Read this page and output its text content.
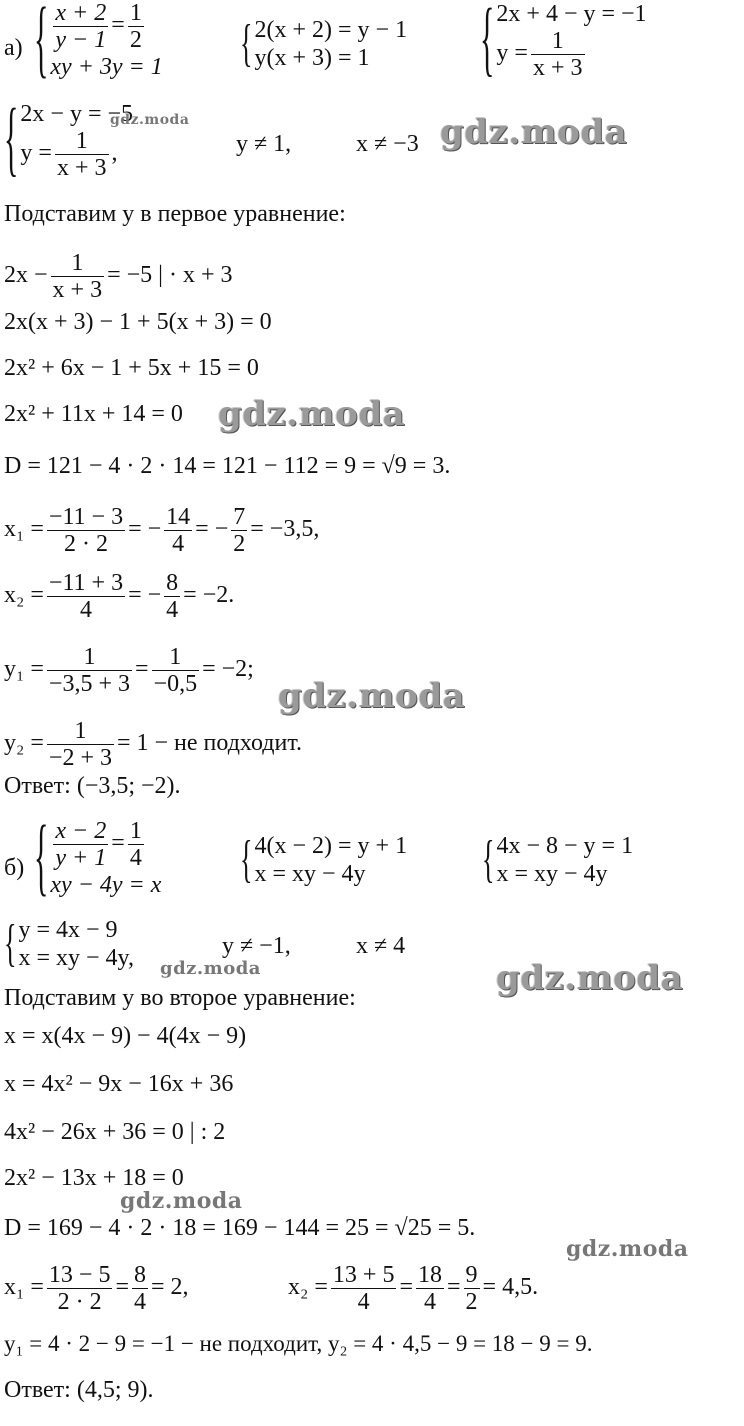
а) { $\frac{x + 2}{y - 1} = \frac{1}{2}$
xy + 3y = 1	{ 2(x + 2) = y − 1
y(x + 3) = 1	{ 2x + 4 − y = −1
$y = \frac{1}{x + 3}$
{ 2x − y = −5
$y = \frac{1}{x + 3}$ ,	y ≠ 1,	x ≠ −3
Подставим y в первое уравнение:
$2x - \frac{1}{x + 3} = -5$ | · x + 3
2x(x + 3) − 1 + 5(x + 3) = 0
2x² + 6x − 1 + 5x + 15 = 0
2x² + 11x + 14 = 0
D = 121 − 4 · 2 · 14 = 121 − 112 = 9 = √9 = 3.
$x_1 = \frac{-11 - 3}{2 \cdot 2}$ = − $\frac{14}{4}$ = − $\frac{7}{2} = -3,5$,
$x_2 = \frac{-11 + 3}{4}$ = − $\frac{8}{4} = -2$.
$y_1 = \frac{1}{-3,5 + 3} = \frac{1}{-0,5} = -2$;
$y_2 = \frac{1}{-2 + 3} = 1$ − не подходит.
Ответ: (−3,5; −2).
б) { $\frac{x - 2}{y + 1} = \frac{1}{4}$
xy − 4y = x	{ 4(x − 2) = y + 1
x = xy − 4y	{ 4x − 8 − y = 1
x = xy − 4y
{ y = 4x − 9
x = xy − 4y,	y ≠ −1,	x ≠ 4
Подставим y во второе уравнение:
x = x(4x − 9) − 4(4x − 9)
x = 4x² − 9x − 16x + 36
4x² − 26x + 36 = 0 | : 2
2x² − 13x + 18 = 0
D = 169 − 4 · 2 · 18 = 169 − 144 = 25 = √25 = 5.
$x_1 = \frac{13 - 5}{2 \cdot 2} = \frac{8}{4} = 2$,	$x_2 = \frac{13 + 5}{4} = \frac{18}{4} = \frac{9}{2} = 4,5$.
y₁ = 4 · 2 − 9 = −1 − не подходит, y₂ = 4 · 4,5 − 9 = 18 − 9 = 9.
Ответ: (4,5; 9).
gdz.moda
gdz.moda
gdz.moda
gdz.moda
gdz.moda	gdz.moda
gdz.moda
gdz.moda
